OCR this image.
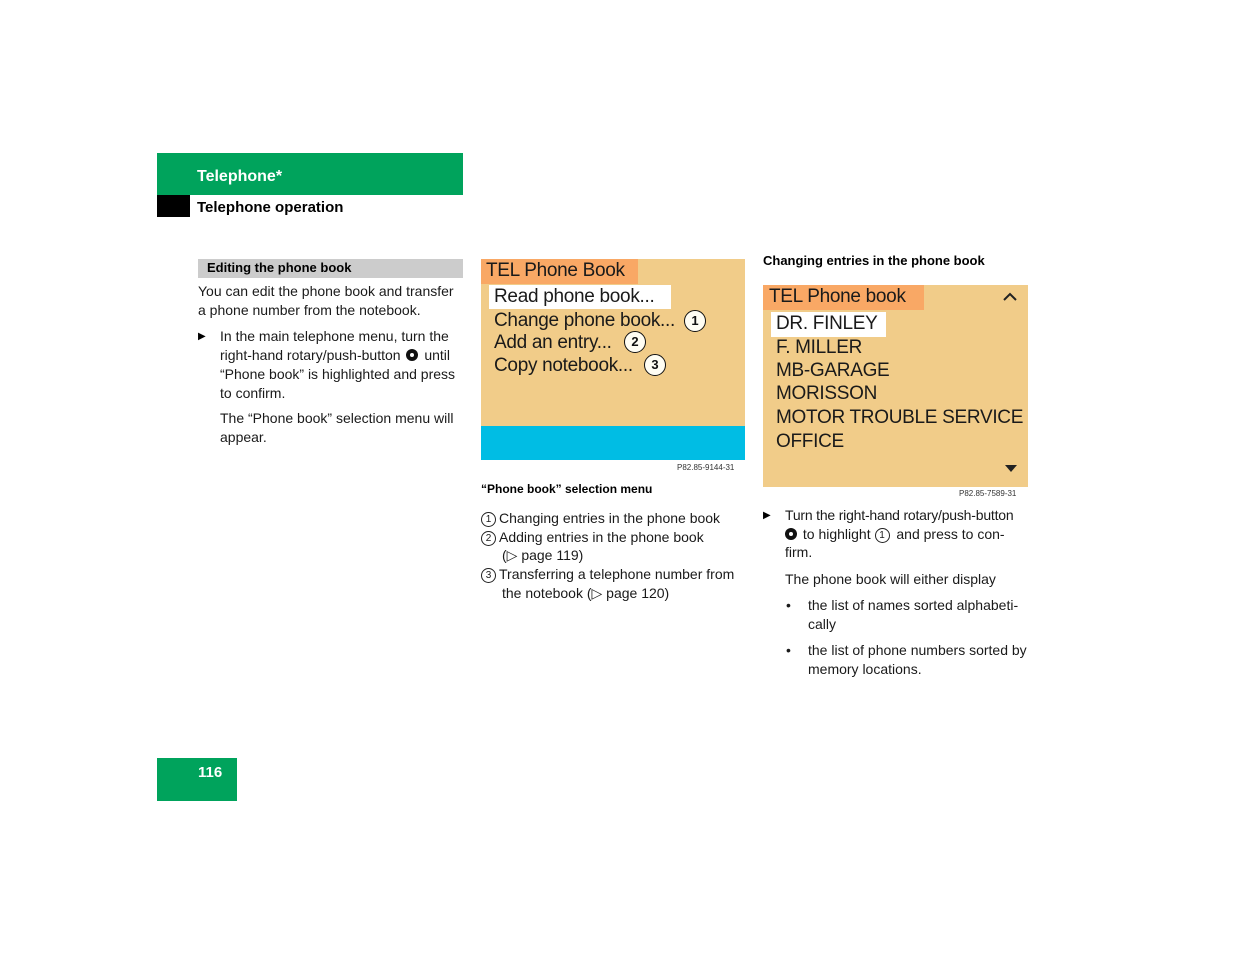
Telephone*
Telephone operation
Editing the phone book
You can edit the phone book and transfer a phone number from the notebook.
▶ In the main telephone menu, turn the right-hand rotary/push-button until “Phone book” is highlighted and press to confirm.
The “Phone book” selection menu will appear.
TEL Phone Book
Read phone book...
Change phone book...
Add an entry...
Copy notebook...
1
2
3
P82.85-9144-31
“Phone book” selection menu
1 Changing entries in the phone book
2 Adding entries in the phone book
(▷ page 119)
3 Transferring a telephone number from
the notebook (▷ page 120)
Changing entries in the phone book
TEL Phone book
DR. FINLEY
F. MILLER
MB-GARAGE
MORISSON
MOTOR TROUBLE SERVICE
OFFICE
P82.85-7589-31
▶ Turn the right-hand rotary/push-button
to highlight 1 and press to con-
firm.
The phone book will either display
• the list of names sorted alphabeti-
cally
• the list of phone numbers sorted by
memory locations.
116
